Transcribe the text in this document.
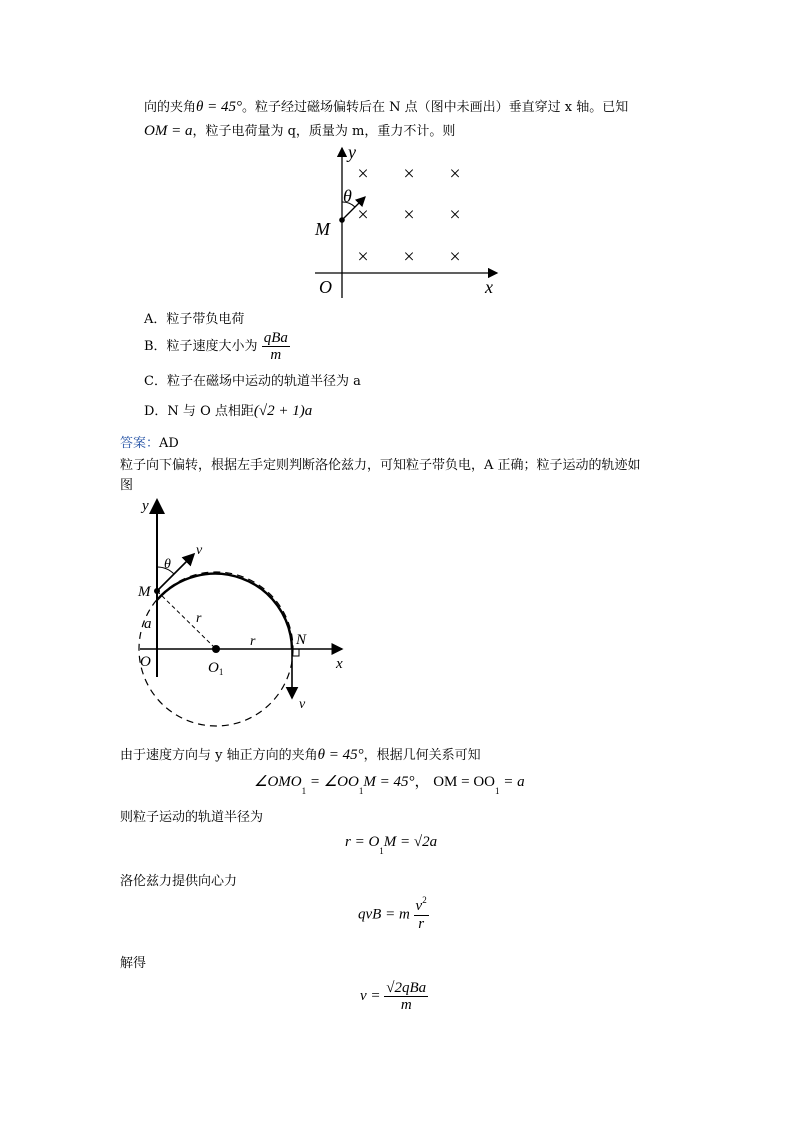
向的夹角θ = 45°。粒子经过磁场偏转后在 N 点（图中未画出）垂直穿过 x 轴。已知
OM = a，粒子电荷量为 q，质量为 m，重力不计。则
y
x
O
M
θ
× × ×
× × ×
× × ×
A．粒子带负电荷
B．粒子速度大小为 $\frac{\text{qBa}}{m}$
C．粒子在磁场中运动的轨道半径为 a
D．N 与 O 点相距(√2 + 1)a
答案：AD
粒子向下偏转，根据左手定则判断洛伦兹力，可知粒子带负电，A 正确；粒子运动的轨迹如
图
y
x
O	$O_1$
M
a	r
r	N
v
θ
v
由于速度方向与 y 轴正方向的夹角θ = 45°，根据几何关系可知
$\angle OMO_1$ = $\angle OO_1M = 45^\circ$， OM = $OO_1 = a$
则粒子运动的轨道半径为
$r = O_1M = √2a$
洛伦兹力提供向心力
qvB = m $\frac{v^2}{r}$
解得
$v = \frac{\text{√2qBa}}{m}$
